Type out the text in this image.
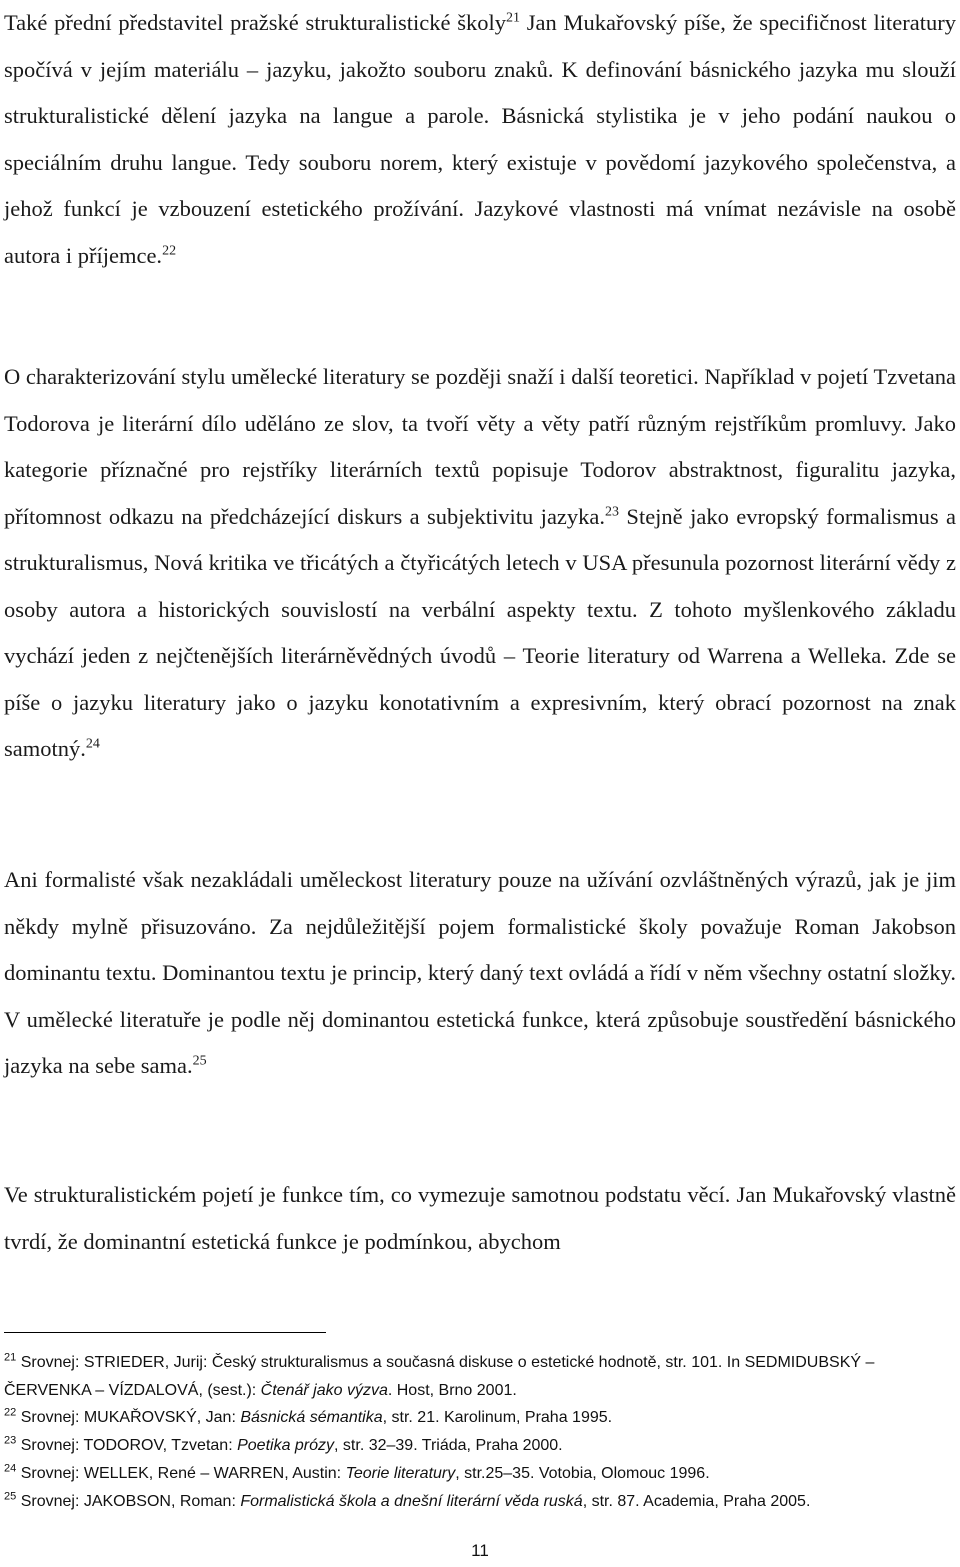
Také přední představitel pražské strukturalistické školy$^{21}$ Jan Mukařovský píše, že specifičnost literatury spočívá v jejím materiálu – jazyku, jakožto souboru znaků. K definování básnického jazyka mu slouží strukturalistické dělení jazyka na langue a parole. Básnická stylistika je v jeho podání naukou o speciálním druhu langue. Tedy souboru norem, který existuje v povědomí jazykového společenstva, a jehož funkcí je vzbouzení estetického prožívání. Jazykové vlastnosti má vnímat nezávisle na osobě autora i příjemce.$^{22}$

O charakterizování stylu umělecké literatury se později snaží i další teoretici. Například v pojetí Tzvetana Todorova je literární dílo uděláno ze slov, ta tvoří věty a věty patří různým rejstříkům promluvy. Jako kategorie příznačné pro rejstříky literárních textů popisuje Todorov abstraktnost, figuralitu jazyka, přítomnost odkazu na předcházející diskurs a subjektivitu jazyka.$^{23}$ Stejně jako evropský formalismus a strukturalismus, Nová kritika ve třicátých a čtyřicátých letech v USA přesunula pozornost literární vědy z osoby autora a historických souvislostí na verbální aspekty textu. Z tohoto myšlenkového základu vychází jeden z nejčtenějších literárněvědných úvodů – Teorie literatury od Warrena a Welleka. Zde se píše o jazyku literatury jako o jazyku konotativním a expresivním, který obrací pozornost na znak samotný.$^{24}$

Ani formalisté však nezakládali uměleckost literatury pouze na užívání ozvláštněných výrazů, jak je jim někdy mylně přisuzováno. Za nejdůležitější pojem formalistické školy považuje Roman Jakobson dominantu textu. Dominantou textu je princip, který daný text ovládá a řídí v něm všechny ostatní složky. V umělecké literatuře je podle něj dominantou estetická funkce, která způsobuje soustředění básnického jazyka na sebe sama.$^{25}$

Ve strukturalistickém pojetí je funkce tím, co vymezuje samotnou podstatu věcí. Jan Mukařovský vlastně tvrdí, že dominantní estetická funkce je podmínkou, abychom

$^{21}$ Srovnej: STRIEDER, Jurij: Český strukturalismus a současná diskuse o estetické hodnotě, str. 101. In SEDMIDUBSKÝ – ČERVENKA – VÍZDALOVÁ, (sest.): Čtenář jako výzva. Host, Brno 2001.

$^{22}$ Srovnej: MUKAŘOVSKÝ, Jan: Básnická sémantika, str. 21. Karolinum, Praha 1995.

$^{23}$ Srovnej: TODOROV, Tzvetan: Poetika prózy, str. 32–39. Triáda, Praha 2000.

$^{24}$ Srovnej: WELLEK, René – WARREN, Austin: Teorie literatury, str.25–35. Votobia, Olomouc 1996.

$^{25}$ Srovnej: JAKOBSON, Roman: Formalistická škola a dnešní literární věda ruská, str. 87. Academia, Praha 2005.

11
